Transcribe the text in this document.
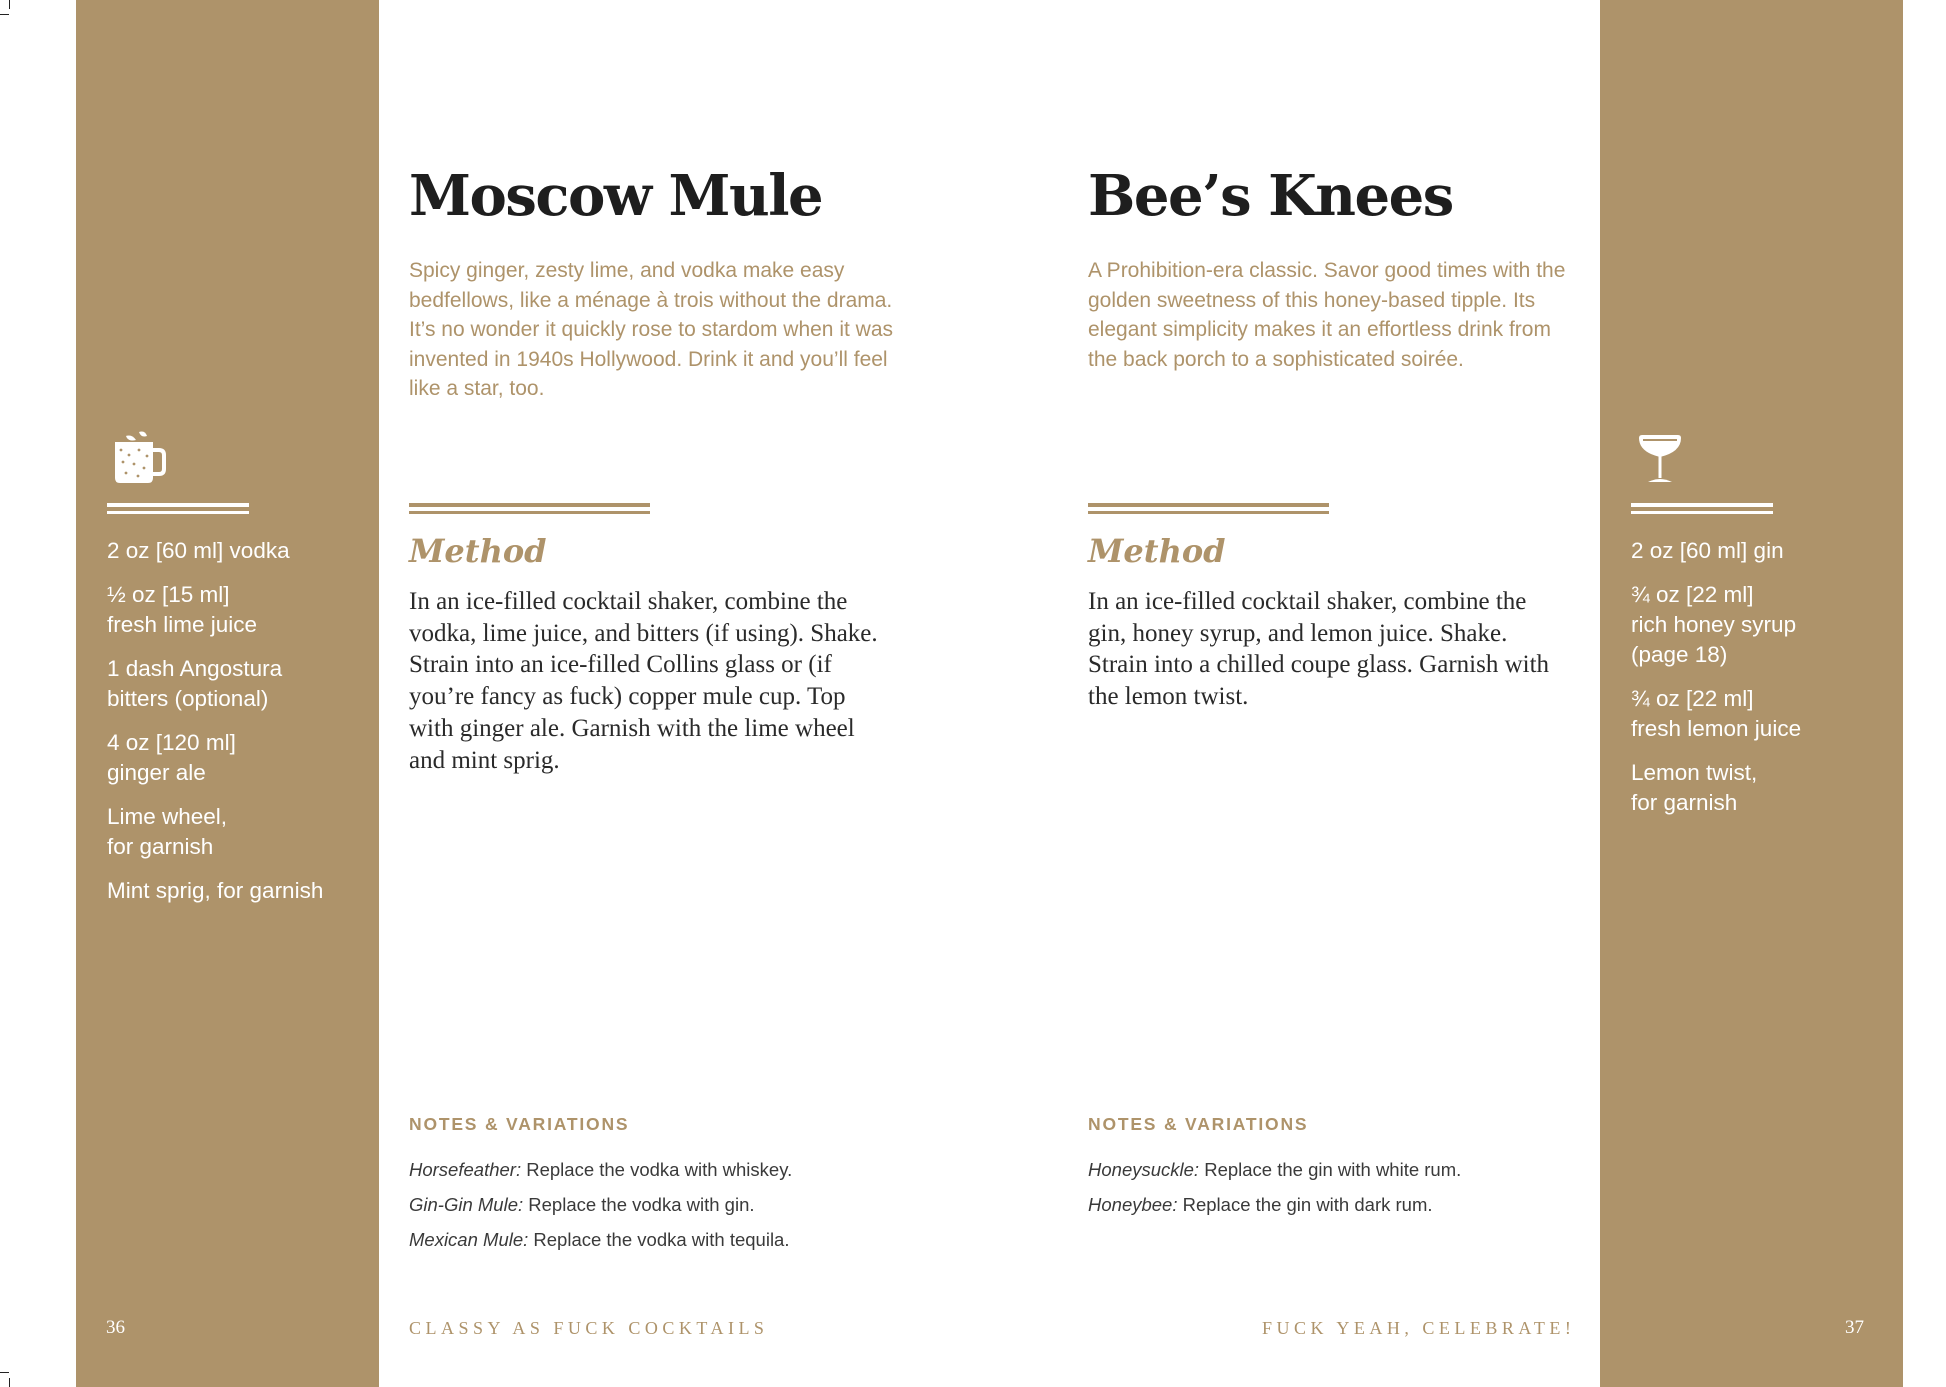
2 oz [60 ml] vodka
½ oz [15 ml]
fresh lime juice
1 dash Angostura
bitters (optional)
4 oz [120 ml]
ginger ale
Lime wheel,
for garnish
Mint sprig, for garnish
36
Moscow Mule

Spicy ginger, zesty lime, and vodka make easy bedfellows, like a ménage à trois without the drama. It’s no wonder it quickly rose to stardom when it was invented in 1940s Hollywood. Drink it and you’ll feel like a star, too.

Method

In an ice-filled cocktail shaker, combine the vodka, lime juice, and bitters (if using). Shake. Strain into an ice-filled Collins glass or (if you’re fancy as fuck) copper mule cup. Top with ginger ale. Garnish with the lime wheel and mint sprig.

NOTES & VARIATIONS
Horsefeather: Replace the vodka with whiskey.
Gin-Gin Mule: Replace the vodka with gin.
Mexican Mule: Replace the vodka with tequila.
CLASSY AS FUCK COCKTAILS
Bee’s Knees

A Prohibition-era classic. Savor good times with the golden sweetness of this honey-based tipple. Its elegant simplicity makes it an effortless drink from the back porch to a sophisticated soirée.

Method

In an ice-filled cocktail shaker, combine the gin, honey syrup, and lemon juice. Shake. Strain into a chilled coupe glass. Garnish with the lemon twist.

NOTES & VARIATIONS
Honeysuckle: Replace the gin with white rum.
Honeybee: Replace the gin with dark rum.
FUCK YEAH, CELEBRATE!
2 oz [60 ml] gin
¾ oz [22 ml]
rich honey syrup
(page 18)
¾ oz [22 ml]
fresh lemon juice
Lemon twist,
for garnish
37
